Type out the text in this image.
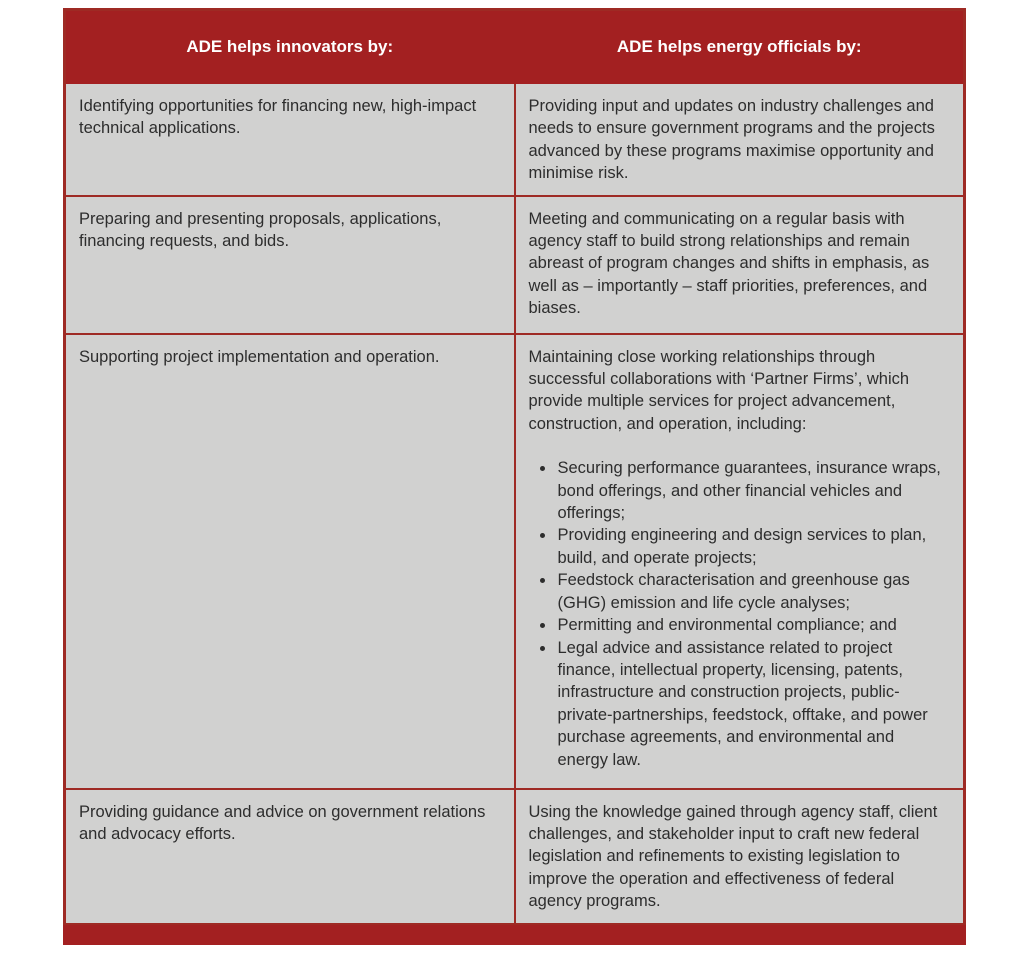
ADE helps innovators by:	ADE helps energy officials by:
Identifying opportunities for financing new, high-impact technical applications.	Providing input and updates on industry challenges and needs to ensure government programs and the projects advanced by these programs maximise opportunity and minimise risk.
Preparing and presenting proposals, applications, financing requests, and bids.	Meeting and communicating on a regular basis with agency staff to build strong relationships and remain abreast of program changes and shifts in emphasis, as well as – importantly – staff priorities, preferences, and biases.
Supporting project implementation and operation.	Maintaining close working relationships through successful collaborations with ‘Partner Firms’, which provide multiple services for project advancement, construction, and operation, including:

• Securing performance guarantees, insurance wraps, bond offerings, and other financial vehicles and offerings;
• Providing engineering and design services to plan, build, and operate projects;
• Feedstock characterisation and greenhouse gas (GHG) emission and life cycle analyses;
• Permitting and environmental compliance; and
• Legal advice and assistance related to project finance, intellectual property, licensing, patents, infrastructure and construction projects, public-private-partnerships, feedstock, offtake, and power purchase agreements, and environmental and energy law.

Providing guidance and advice on government relations and advocacy efforts.	Using the knowledge gained through agency staff, client challenges, and stakeholder input to craft new federal legislation and refinements to existing legislation to improve the operation and effectiveness of federal agency programs.
